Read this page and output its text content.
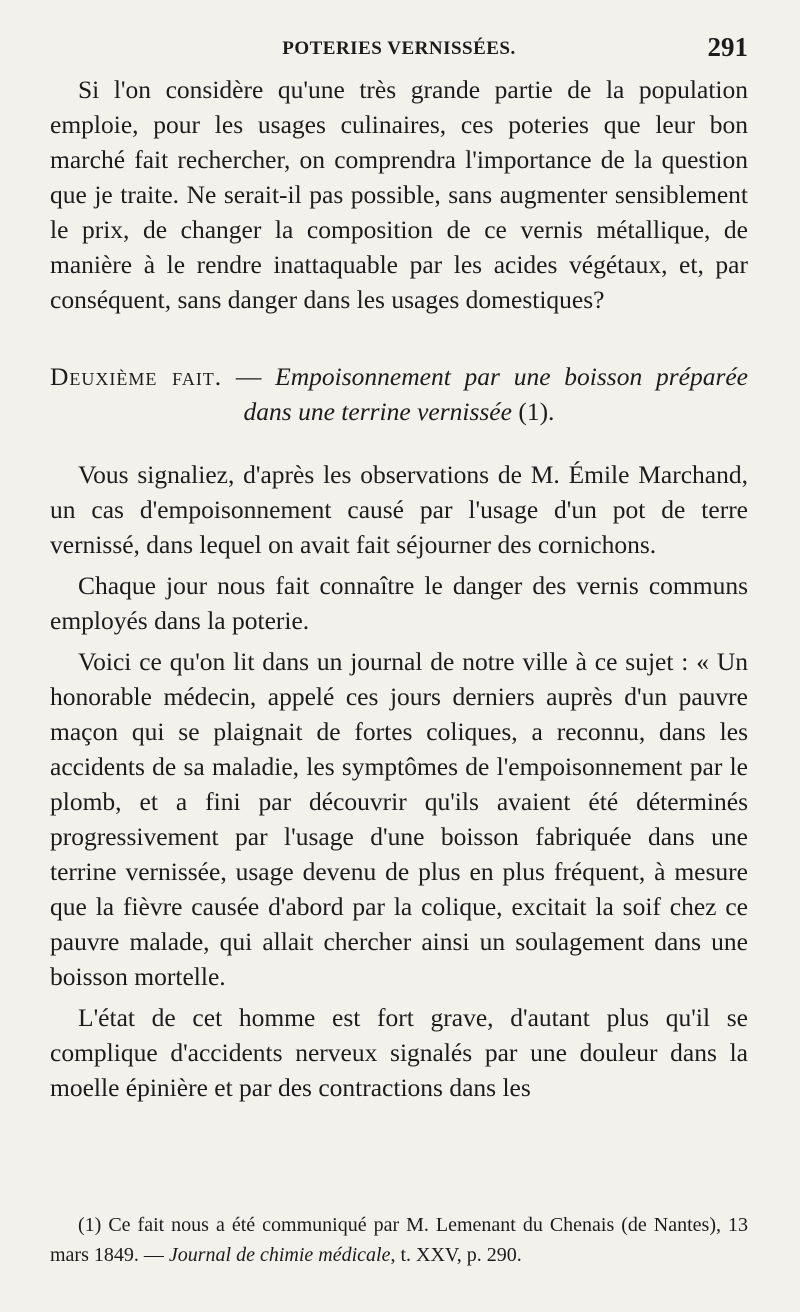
POTERIES VERNISSÉES.	291

Si l'on considère qu'une très grande partie de la population emploie, pour les usages culinaires, ces poteries que leur bon marché fait rechercher, on comprendra l'importance de la question que je traite. Ne serait-il pas possible, sans augmenter sensiblement le prix, de changer la composition de ce vernis métallique, de manière à le rendre inattaquable par les acides végétaux, et, par conséquent, sans danger dans les usages domestiques?

Deuxième fait. — Empoisonnement par une boisson préparée
dans une terrine vernissée (1).

Vous signaliez, d'après les observations de M. Émile Marchand, un cas d'empoisonnement causé par l'usage d'un pot de terre vernissé, dans lequel on avait fait séjourner des cornichons.

Chaque jour nous fait connaître le danger des vernis communs employés dans la poterie.

Voici ce qu'on lit dans un journal de notre ville à ce sujet : « Un honorable médecin, appelé ces jours derniers auprès d'un pauvre maçon qui se plaignait de fortes coliques, a reconnu, dans les accidents de sa maladie, les symptômes de l'empoisonnement par le plomb, et a fini par découvrir qu'ils avaient été déterminés progressivement par l'usage d'une boisson fabriquée dans une terrine vernissée, usage devenu de plus en plus fréquent, à mesure que la fièvre causée d'abord par la colique, excitait la soif chez ce pauvre malade, qui allait chercher ainsi un soulagement dans une boisson mortelle.

L'état de cet homme est fort grave, d'autant plus qu'il se complique d'accidents nerveux signalés par une douleur dans la moelle épinière et par des contractions dans les

(1) Ce fait nous a été communiqué par M. Lemenant du Chenais (de Nantes), 13 mars 1849. — Journal de chimie médicale, t. XXV, p. 290.
